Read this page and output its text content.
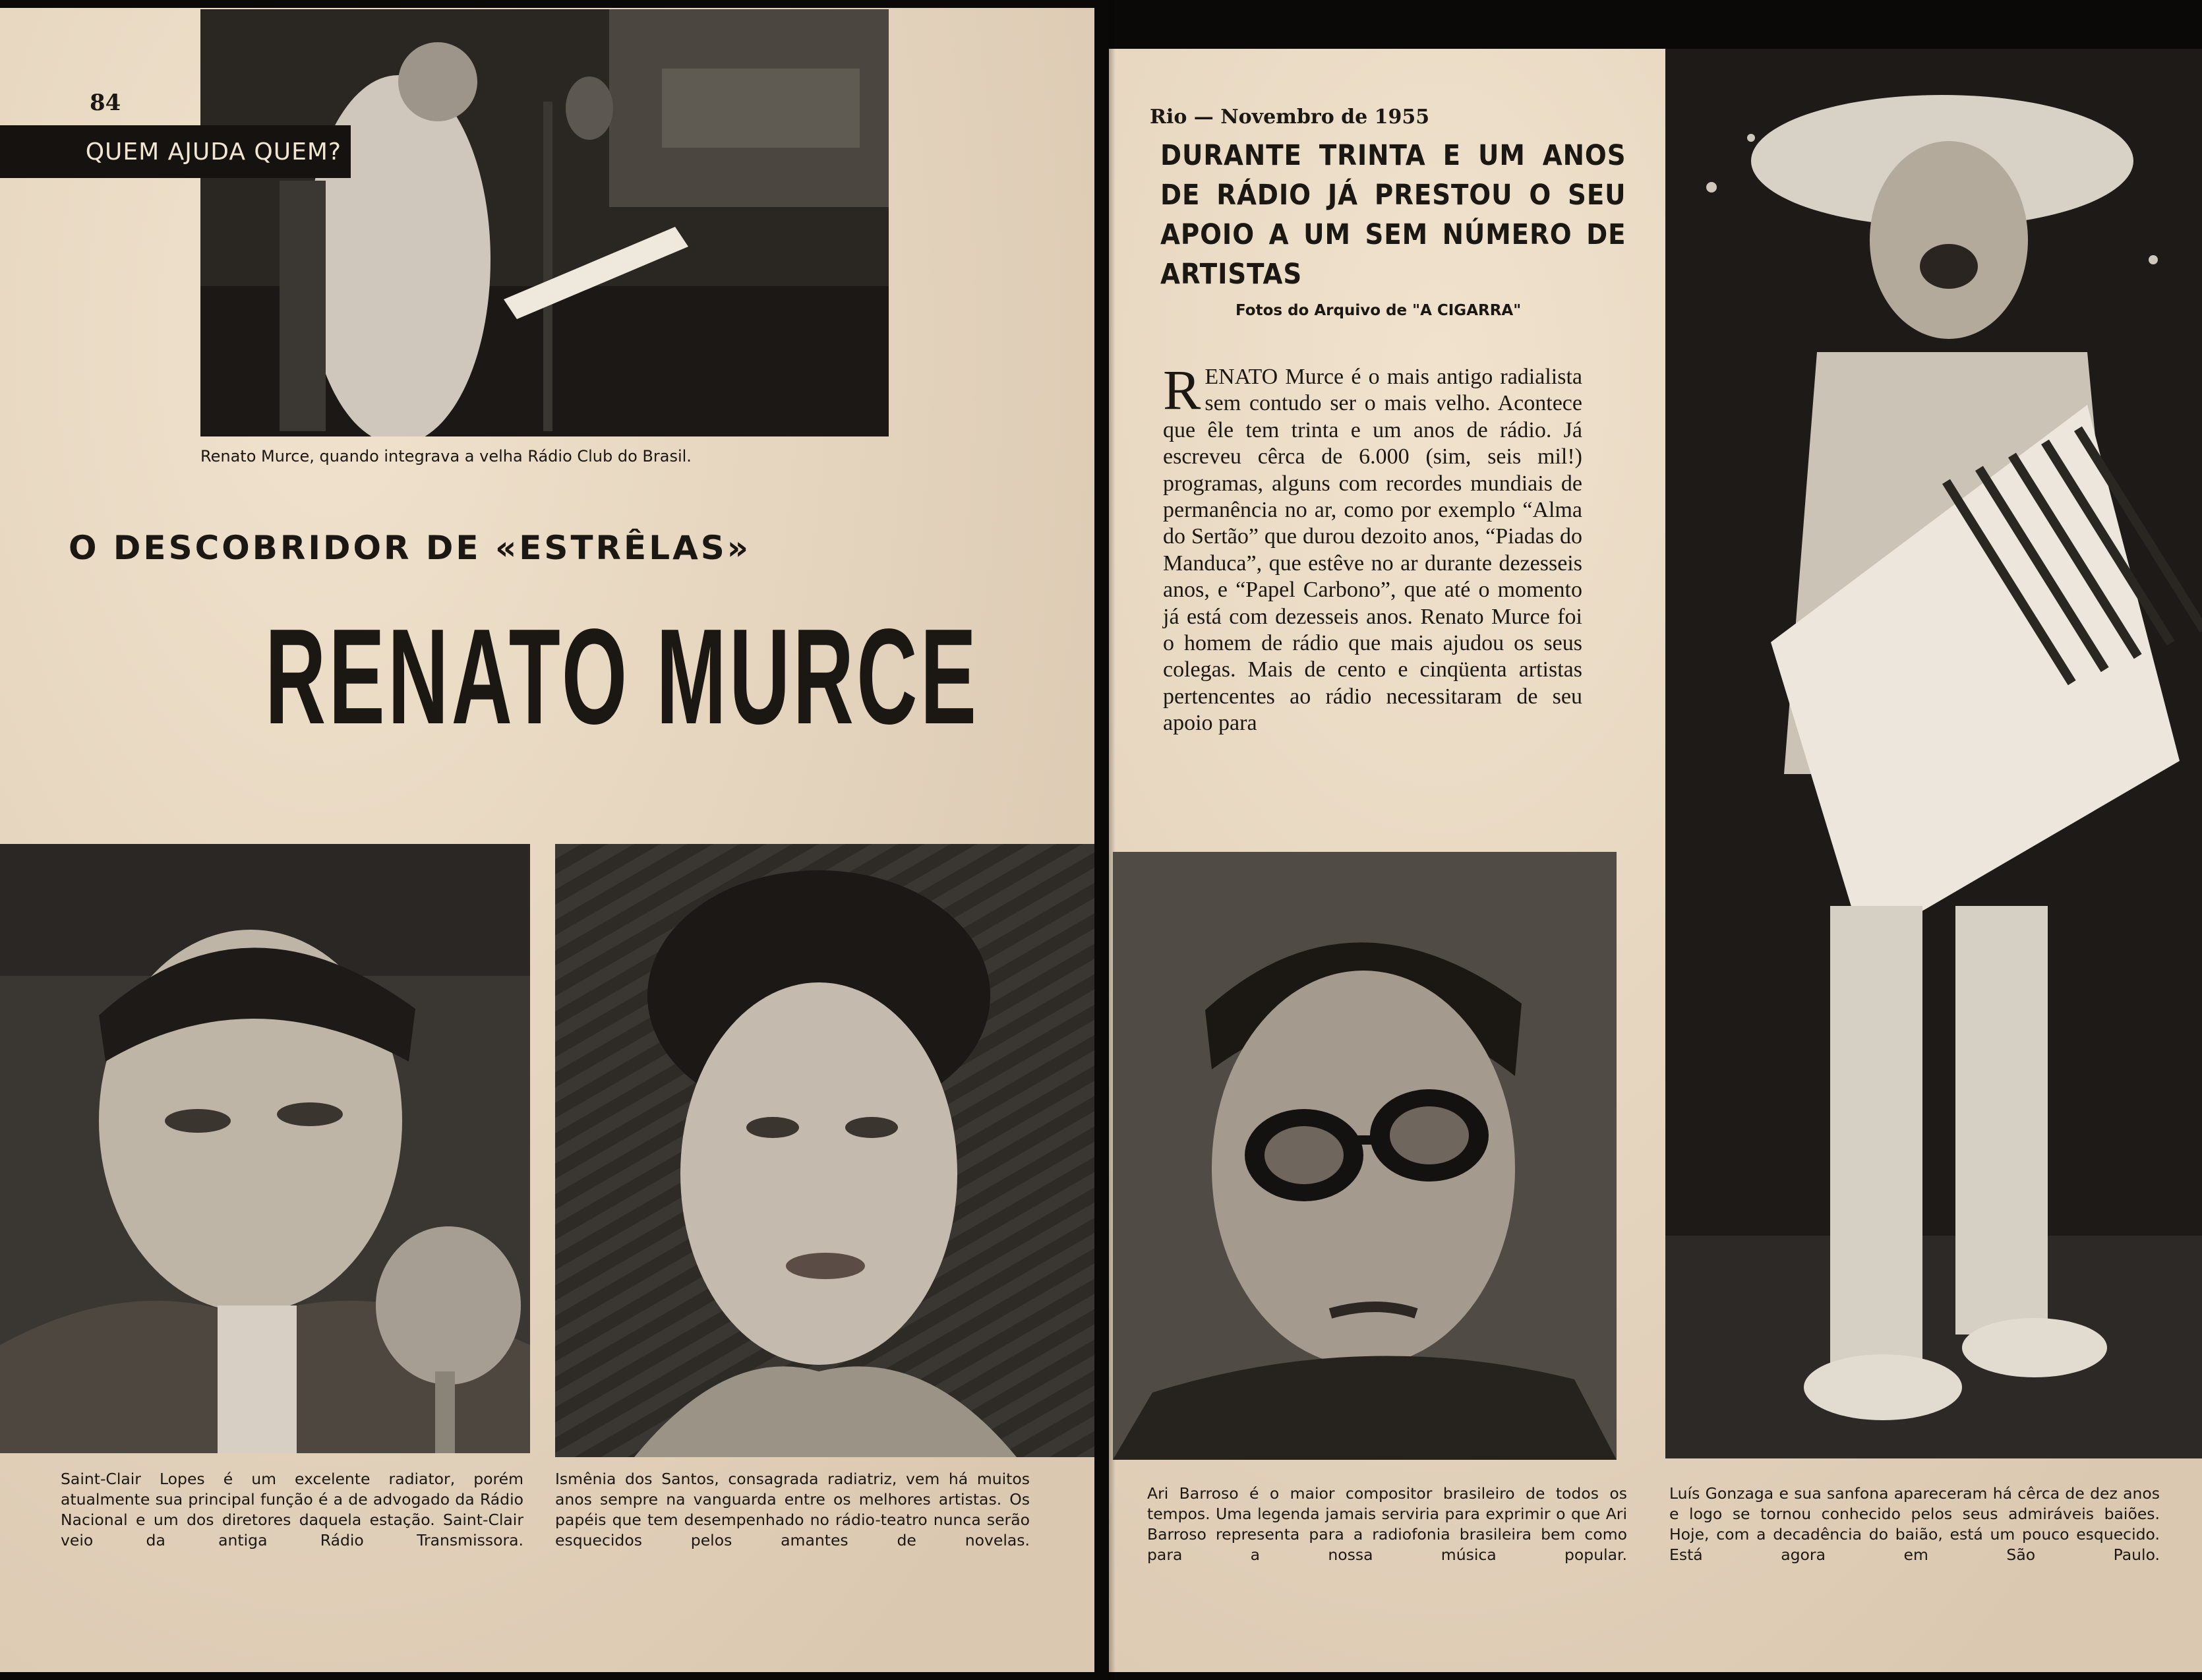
84
QUEM AJUDA QUEM?

Renato Murce, quando integrava a velha Rádio Club do Brasil.

O DESCOBRIDOR DE «ESTRÊLAS»
RENATO MURCE

Saint-Clair Lopes é um excelente radiator, porém atualmente sua principal função é a de advogado da Rádio Nacional e um dos diretores daquela estação. Saint-Clair veio da antiga Rádio Transmissora.

Ismênia dos Santos, consagrada radiatriz, vem há muitos anos sempre na vanguarda entre os melhores artistas. Os papéis que tem desempenhado no rádio-teatro nunca serão esquecidos pelos amantes de novelas.

Rio — Novembro de 1955
DURANTE TRINTA E UM ANOS DE RÁDIO JÁ PRESTOU O SEU APOIO A UM SEM NÚMERO DE ARTISTAS
Fotos do Arquivo de "A CIGARRA"

RENATO Murce é o mais antigo radialista sem contudo ser o mais velho. Acontece que êle tem trinta e um anos de rádio. Já escreveu cêrca de 6.000 (sim, seis mil!) programas, alguns com recordes mundiais de permanência no ar, como por exemplo “Alma do Sertão” que durou dezoito anos, “Piadas do Manduca”, que estêve no ar durante dezesseis anos, e “Papel Carbono”, que até o momento já está com dezesseis anos. Renato Murce foi o homem de rádio que mais ajudou os seus colegas. Mais de cento e cinqüenta artistas pertencentes ao rádio necessitaram de seu apoio para

Ari Barroso é o maior compositor brasileiro de todos os tempos. Uma legenda jamais serviria para exprimir o que Ari Barroso representa para a radiofonia brasileira bem como para a nossa música popular.

Luís Gonzaga e sua sanfona apareceram há cêrca de dez anos e logo se tornou conhecido pelos seus admiráveis baiões. Hoje, com a decadência do baião, está um pouco esquecido. Está agora em São Paulo.
